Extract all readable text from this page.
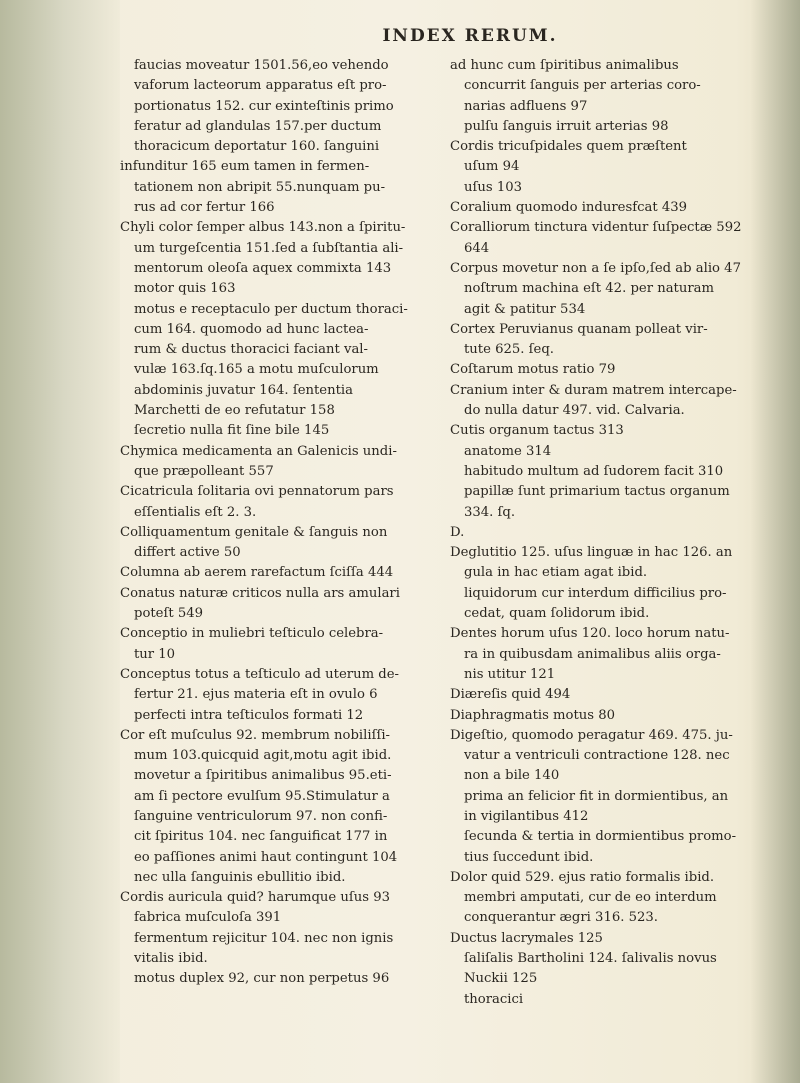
INDEX RERUM.

faucias moveatur 1501.56,eo vehendo

vaforum lacteorum apparatus eſt pro-

portionatus 152. cur exinteſtinis primo

feratur ad glandulas 157.per ductum

thoracicum deportatur 160. ſanguini

infunditur 165 eum tamen in fermen-

tationem non abripit 55.nunquam pu-

rus ad cor fertur 166

Chyli color ſemper albus 143.non a ſpiritu-

um turgeſcentia 151.ſed a ſubſtantia ali-

mentorum oleoſa aquex commixta 143

motor quis 163

motus e receptaculo per ductum thoraci-

cum 164. quomodo ad hunc lactea-

rum & ductus thoracici faciant val-

vulæ 163.ſq.165 a motu muſculorum

abdominis juvatur 164. ſententia

Marchetti de eo refutatur 158

ſecretio nulla fit ſine bile 145

Chymica medicamenta an Galenicis undi-

que præpolleant 557

Cicatricula ſolitaria ovi pennatorum pars

eſſentialis eſt 2. 3.

Colliquamentum genitale & ſanguis non

differt active 50

Columna ab aerem rarefactum ſciſſa 444

Conatus naturæ criticos nulla ars amulari

poteſt 549

Conceptio in muliebri teſticulo celebra-

tur 10

Conceptus totus a teſticulo ad uterum de-

fertur 21. ejus materia eſt in ovulo 6

perfecti intra teſticulos formati 12

Cor eſt muſculus 92. membrum nobiliſſi-

mum 103.quicquid agit,motu agit ibid.

movetur a ſpiritibus animalibus 95.eti-

am ſi pectore evulſum 95.Stimulatur a

ſanguine ventriculorum 97. non confi-

cit ſpiritus 104. nec ſanguificat 177 in

eo paſſiones animi haut contingunt 104

nec ulla ſanguinis ebullitio ibid.

Cordis auricula quid? harumque uſus 93

fabrica muſculoſa 391

fermentum rejicitur 104. nec non ignis

vitalis ibid.

motus duplex 92, cur non perpetus 96

ad hunc cum ſpiritibus animalibus

concurrit ſanguis per arterias coro-

narias adfluens 97

pulſu ſanguis irruit arterias 98

Cordis tricuſpidales quem præſtent

uſum 94

uſus 103

Coralium quomodo induresfcat 439

Coralliorum tinctura videntur ſuſpectæ 592

644

Corpus movetur non a ſe ipſo,ſed ab alio 47

noſtrum machina eſt 42. per naturam

agit & patitur 534

Cortex Peruvianus quanam polleat vir-

tute 625. ſeq.

Coſtarum motus ratio 79

Cranium inter & duram matrem intercape-

do nulla datur 497. vid. Calvaria.

Cutis organum tactus 313

anatome 314

habitudo multum ad ſudorem facit 310

papillæ ſunt primarium tactus organum

334. ſq.

D.

Deglutitio 125. uſus linguæ in hac 126. an

gula in hac etiam agat ibid.

liquidorum cur interdum difficilius pro-

cedat, quam ſolidorum ibid.

Dentes horum uſus 120. loco horum natu-

ra in quibusdam animalibus aliis orga-

nis utitur 121

Diæreſis quid 494

Diaphragmatis motus 80

Digeſtio, quomodo peragatur 469. 475. ju-

vatur a ventriculi contractione 128. nec

non a bile 140

prima an felicior fit in dormientibus, an

in vigilantibus 412

ſecunda & tertia in dormientibus promo-

tius ſuccedunt ibid.

Dolor quid 529. ejus ratio formalis ibid.

membri amputati, cur de eo interdum

conquerantur ægri 316. 523.

Ductus lacrymales 125

ſaliſalis Bartholini 124. ſalivalis novus

Nuckii 125

thoracici
